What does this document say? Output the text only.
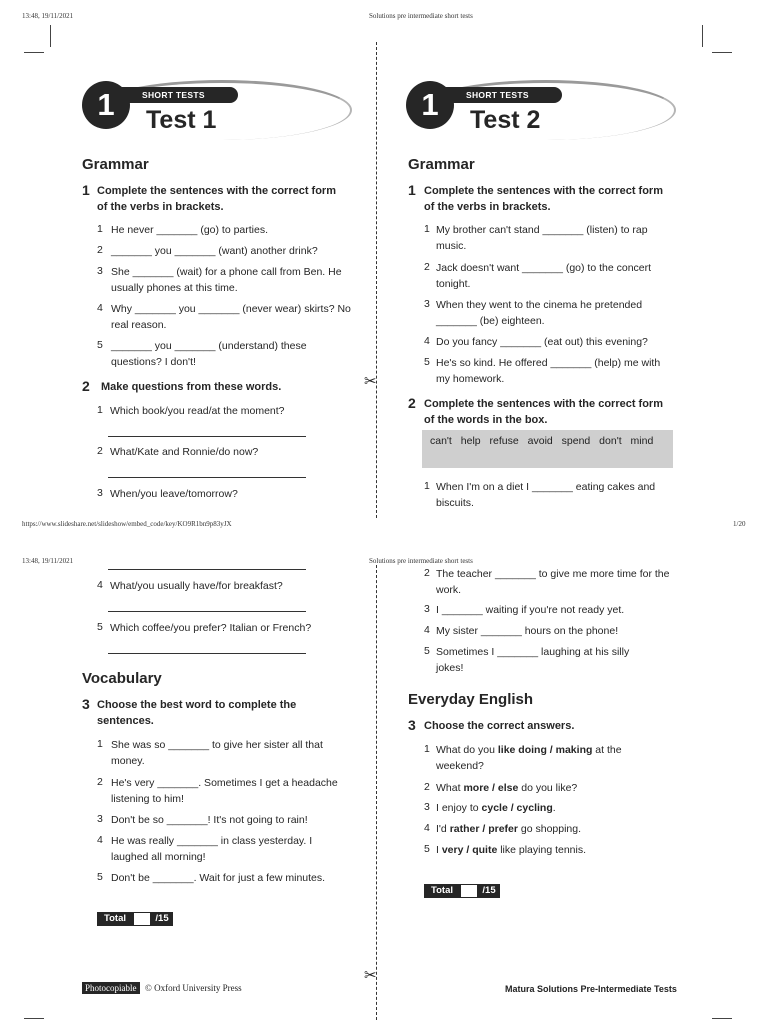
13:48, 19/11/2021	Solutions pre intermediate short tests
✂
✂
SHORT TESTS
1	Test 1
SHORT TESTS
1	Test 2
Grammar
1 Complete the sentences with the correct form of the verbs in brackets.
1 He never _______ (go) to parties.
2 _______ you _______ (want) another drink?
3 She _______ (wait) for a phone call from Ben. He usually phones at this time.
4 Why _______ you _______ (never wear) skirts? No real reason.
5 _______ you _______ (understand) these questions? I don't!
2 Make questions from these words.
1 Which book/you read/at the moment?
2 What/Kate and Ronnie/do now?
3 When/you leave/tomorrow?
Grammar
1 Complete the sentences with the correct form of the verbs in brackets.
1 My brother can't stand _______ (listen) to rap music.
2 Jack doesn't want _______ (go) to the concert tonight.
3 When they went to the cinema he pretended _______ (be) eighteen.
4 Do you fancy _______ (eat out) this evening?
5 He's so kind. He offered _______ (help) me with my homework.
2 Complete the sentences with the correct form of the words in the box.
can't help refuse avoid spend don't mind
1 When I'm on a diet I _______ eating cakes and biscuits.
https://www.slideshare.net/slideshow/embed_code/key/KO9R1bn9p83yJX	1/20
13:48, 19/11/2021	Solutions pre intermediate short tests
4 What/you usually have/for breakfast?
5 Which coffee/you prefer? Italian or French?
Vocabulary
3 Choose the best word to complete the sentences.
1 She was so _______ to give her sister all that money.
2 He's very _______. Sometimes I get a headache listening to him!
3 Don't be so _______! It's not going to rain!
4 He was really _______ in class yesterday. I laughed all morning!
5 Don't be _______. Wait for just a few minutes.
Total	/15
2 The teacher _______ to give me more time for the work.
3 I _______ waiting if you're not ready yet.
4 My sister _______ hours on the phone!
5 Sometimes I _______ laughing at his silly jokes!
Everyday English
3 Choose the correct answers.
1 What do you like doing / making at the weekend?
2 What more / else do you like?
3 I enjoy to cycle / cycling.
4 I'd rather / prefer go shopping.
5 I very / quite like playing tennis.
Total	/15
Photocopiable © Oxford University Press	Matura Solutions Pre-Intermediate Tests
